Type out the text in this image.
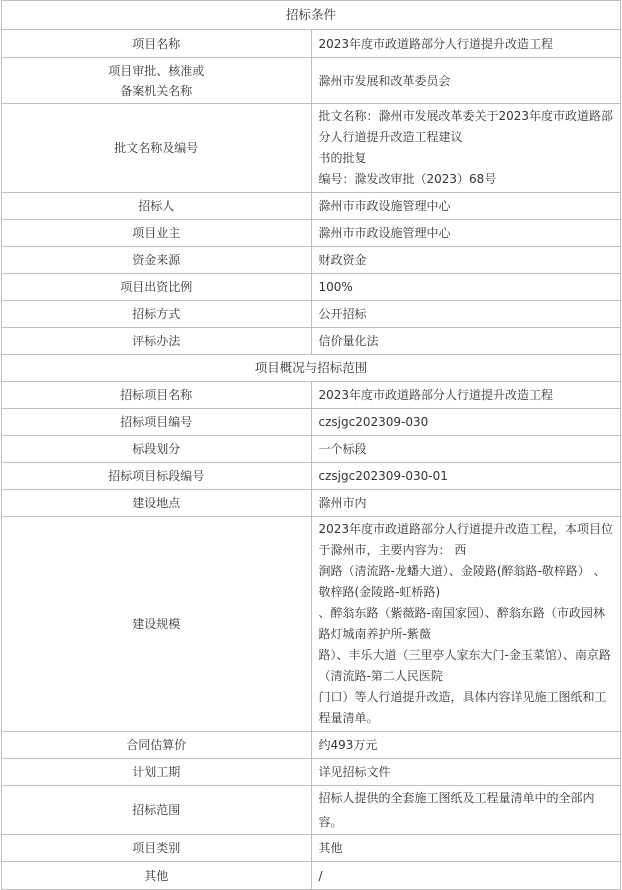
招标条件	
项目名称	2023年度市政道路部分人行道提升改造工程

项目审批、核准或
备案机关名称	滁州市发展和改革委员会
批文名称及编号	批文名称：滁州市发展改革委关于2023年度市政道路部分人行道提升改造工程建议
书的批复
编号：滁发改审批（2023）68号

招标人	滁州市市政设施管理中心
项目业主	滁州市市政设施管理中心
资金来源	财政资金
项目出资比例	100%
招标方式	公开招标
评标办法	信价量化法
项目概况与招标范围	
招标项目名称	2023年度市政道路部分人行道提升改造工程
招标项目编号	czsjgc202309-030
标段划分	一个标段
招标项目标段编号	czsjgc202309-030-01
建设地点	滁州市内
建设规模	2023年度市政道路部分人行道提升改造工程，本项目位于滁州市，主要内容为： 西
涧路（清流路-龙蟠大道）、金陵路(醉翁路-敬梓路） 、敬梓路(金陵路-虹桥路)
、醉翁东路（紫薇路-南国家园）、醉翁东路（市政园林路灯城南养护所-紫薇
路）、丰乐大道（三里亭人家东大门-金玉菜馆）、南京路（清流路-第二人民医院
门口）等人行道提升改造，具体内容详见施工图纸和工程量清单。

合同估算价	约493万元
计划工期	详见招标文件
招标范围	招标人提供的全套施工图纸及工程量清单中的全部内容。
项目类别	其他
其他	/
